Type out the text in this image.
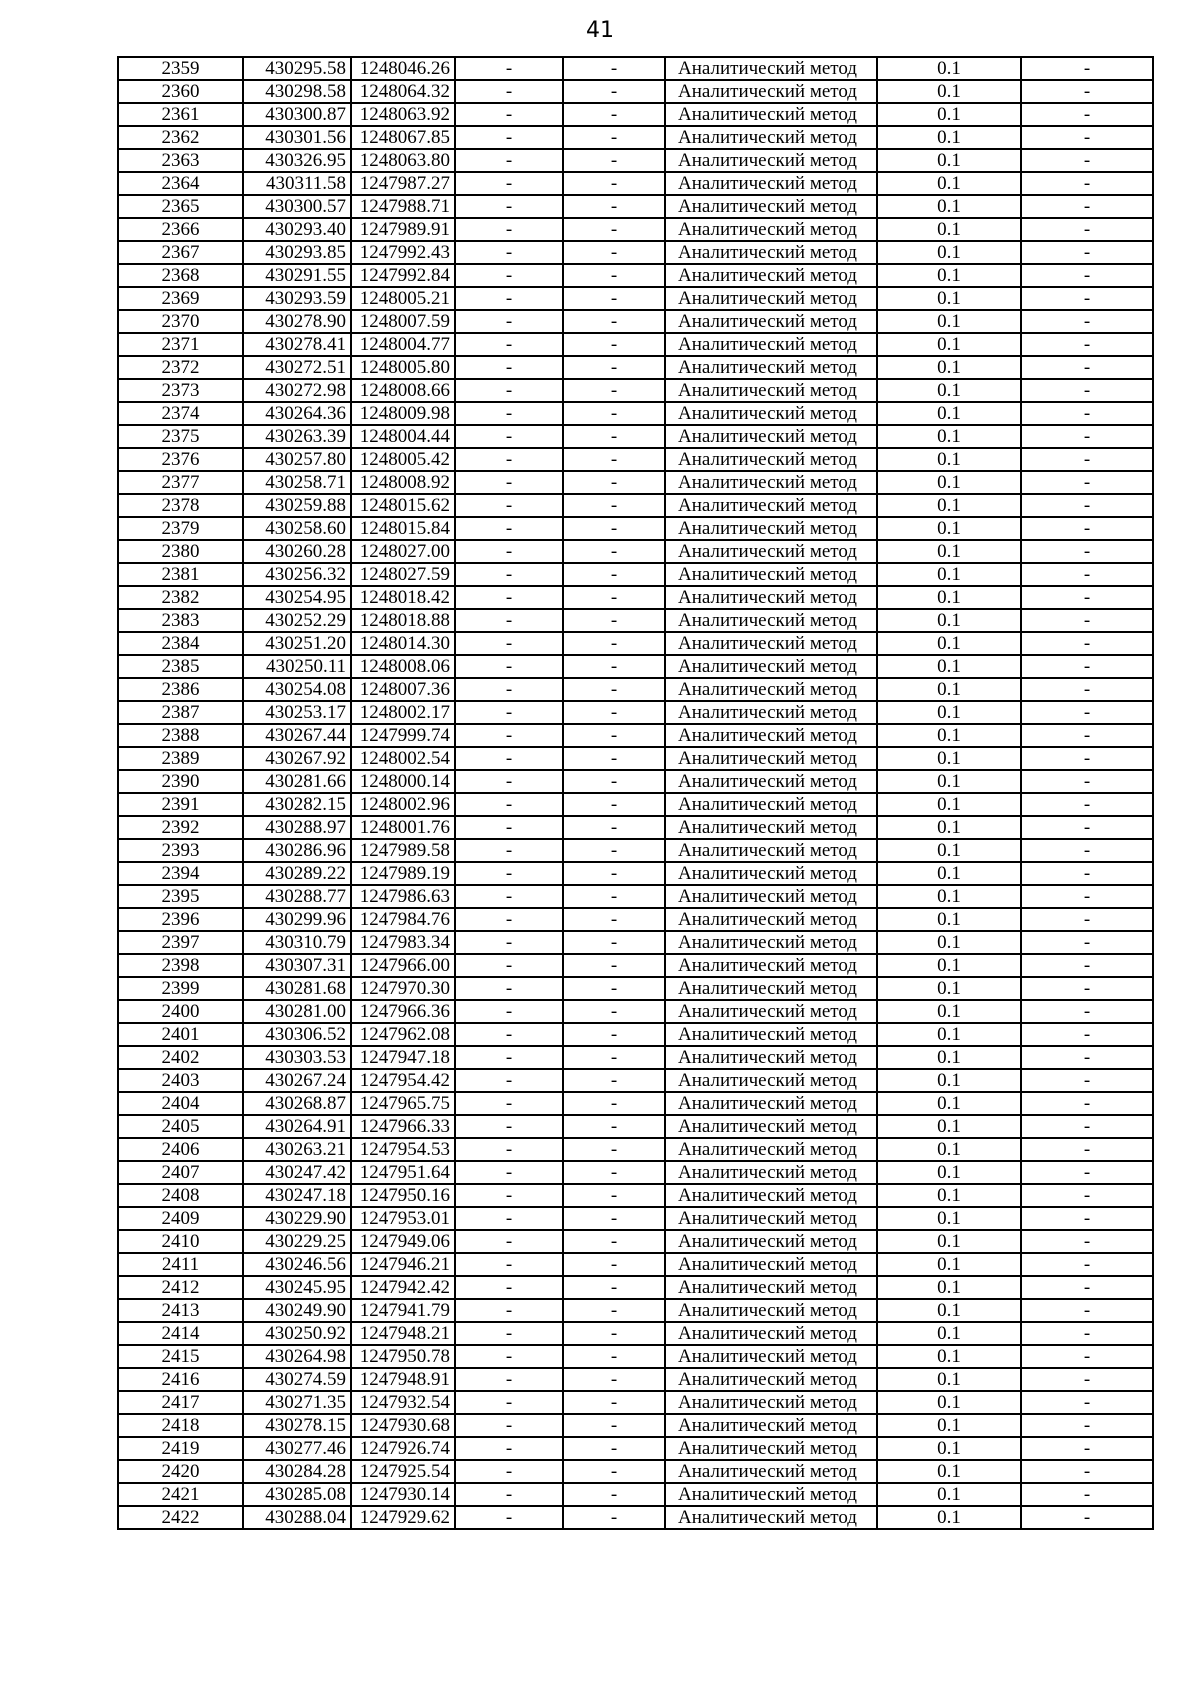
41
2359	430295.58	1248046.26	-	-	Аналитический метод	0.1	-
2360	430298.58	1248064.32	-	-	Аналитический метод	0.1	-
2361	430300.87	1248063.92	-	-	Аналитический метод	0.1	-
2362	430301.56	1248067.85	-	-	Аналитический метод	0.1	-
2363	430326.95	1248063.80	-	-	Аналитический метод	0.1	-
2364	430311.58	1247987.27	-	-	Аналитический метод	0.1	-
2365	430300.57	1247988.71	-	-	Аналитический метод	0.1	-
2366	430293.40	1247989.91	-	-	Аналитический метод	0.1	-
2367	430293.85	1247992.43	-	-	Аналитический метод	0.1	-
2368	430291.55	1247992.84	-	-	Аналитический метод	0.1	-
2369	430293.59	1248005.21	-	-	Аналитический метод	0.1	-
2370	430278.90	1248007.59	-	-	Аналитический метод	0.1	-
2371	430278.41	1248004.77	-	-	Аналитический метод	0.1	-
2372	430272.51	1248005.80	-	-	Аналитический метод	0.1	-
2373	430272.98	1248008.66	-	-	Аналитический метод	0.1	-
2374	430264.36	1248009.98	-	-	Аналитический метод	0.1	-
2375	430263.39	1248004.44	-	-	Аналитический метод	0.1	-
2376	430257.80	1248005.42	-	-	Аналитический метод	0.1	-
2377	430258.71	1248008.92	-	-	Аналитический метод	0.1	-
2378	430259.88	1248015.62	-	-	Аналитический метод	0.1	-
2379	430258.60	1248015.84	-	-	Аналитический метод	0.1	-
2380	430260.28	1248027.00	-	-	Аналитический метод	0.1	-
2381	430256.32	1248027.59	-	-	Аналитический метод	0.1	-
2382	430254.95	1248018.42	-	-	Аналитический метод	0.1	-
2383	430252.29	1248018.88	-	-	Аналитический метод	0.1	-
2384	430251.20	1248014.30	-	-	Аналитический метод	0.1	-
2385	430250.11	1248008.06	-	-	Аналитический метод	0.1	-
2386	430254.08	1248007.36	-	-	Аналитический метод	0.1	-
2387	430253.17	1248002.17	-	-	Аналитический метод	0.1	-
2388	430267.44	1247999.74	-	-	Аналитический метод	0.1	-
2389	430267.92	1248002.54	-	-	Аналитический метод	0.1	-
2390	430281.66	1248000.14	-	-	Аналитический метод	0.1	-
2391	430282.15	1248002.96	-	-	Аналитический метод	0.1	-
2392	430288.97	1248001.76	-	-	Аналитический метод	0.1	-
2393	430286.96	1247989.58	-	-	Аналитический метод	0.1	-
2394	430289.22	1247989.19	-	-	Аналитический метод	0.1	-
2395	430288.77	1247986.63	-	-	Аналитический метод	0.1	-
2396	430299.96	1247984.76	-	-	Аналитический метод	0.1	-
2397	430310.79	1247983.34	-	-	Аналитический метод	0.1	-
2398	430307.31	1247966.00	-	-	Аналитический метод	0.1	-
2399	430281.68	1247970.30	-	-	Аналитический метод	0.1	-
2400	430281.00	1247966.36	-	-	Аналитический метод	0.1	-
2401	430306.52	1247962.08	-	-	Аналитический метод	0.1	-
2402	430303.53	1247947.18	-	-	Аналитический метод	0.1	-
2403	430267.24	1247954.42	-	-	Аналитический метод	0.1	-
2404	430268.87	1247965.75	-	-	Аналитический метод	0.1	-
2405	430264.91	1247966.33	-	-	Аналитический метод	0.1	-
2406	430263.21	1247954.53	-	-	Аналитический метод	0.1	-
2407	430247.42	1247951.64	-	-	Аналитический метод	0.1	-
2408	430247.18	1247950.16	-	-	Аналитический метод	0.1	-
2409	430229.90	1247953.01	-	-	Аналитический метод	0.1	-
2410	430229.25	1247949.06	-	-	Аналитический метод	0.1	-
2411	430246.56	1247946.21	-	-	Аналитический метод	0.1	-
2412	430245.95	1247942.42	-	-	Аналитический метод	0.1	-
2413	430249.90	1247941.79	-	-	Аналитический метод	0.1	-
2414	430250.92	1247948.21	-	-	Аналитический метод	0.1	-
2415	430264.98	1247950.78	-	-	Аналитический метод	0.1	-
2416	430274.59	1247948.91	-	-	Аналитический метод	0.1	-
2417	430271.35	1247932.54	-	-	Аналитический метод	0.1	-
2418	430278.15	1247930.68	-	-	Аналитический метод	0.1	-
2419	430277.46	1247926.74	-	-	Аналитический метод	0.1	-
2420	430284.28	1247925.54	-	-	Аналитический метод	0.1	-
2421	430285.08	1247930.14	-	-	Аналитический метод	0.1	-
2422	430288.04	1247929.62	-	-	Аналитический метод	0.1	-
